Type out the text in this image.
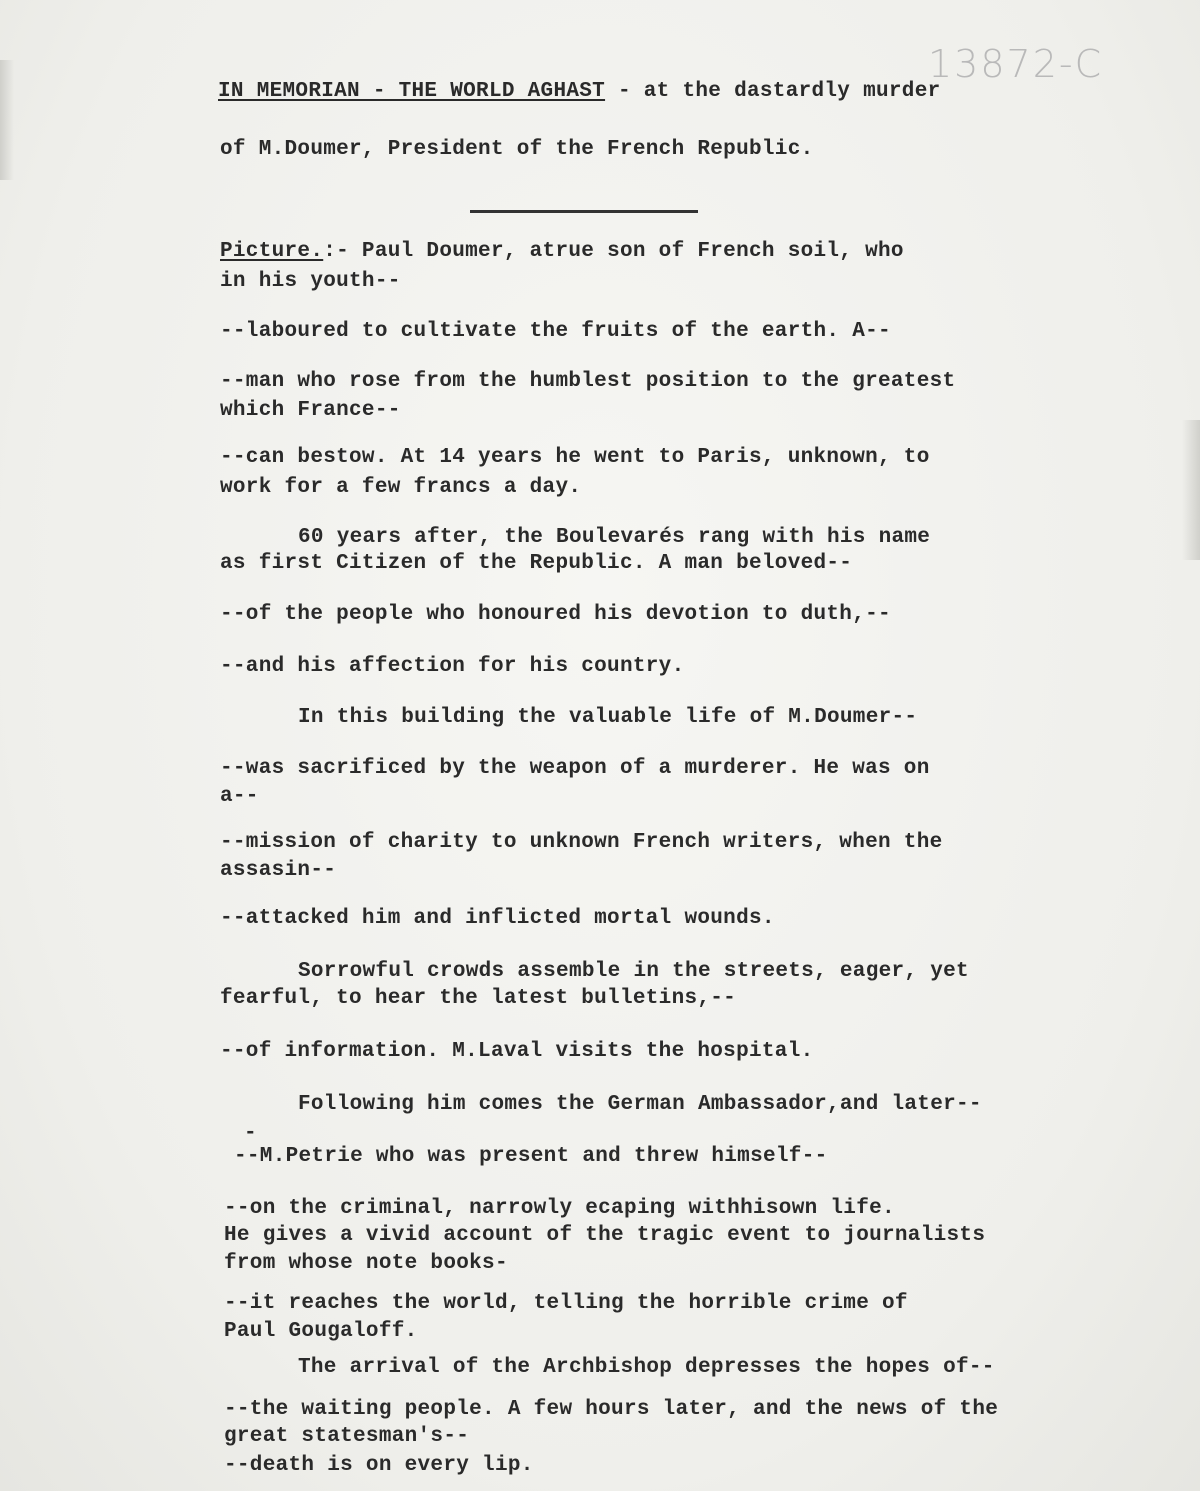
13872-C

IN MEMORIAN - THE WORLD AGHAST - at the dastardly murder

of M.Doumer, President of the French Republic.

Picture.:- Paul Doumer, atrue son of French soil, who

in his youth--

--laboured to cultivate the fruits of the earth. A--

--man who rose from the humblest position to the greatest

which France--

--can bestow. At 14 years he went to Paris, unknown, to

work for a few francs a day.

60 years after, the Boulevarés rang with his name

as first Citizen of the Republic. A man beloved--

--of the people who honoured his devotion to duth,--

--and his affection for his country.

In this building the valuable life of M.Doumer--

--was sacrificed by the weapon of a murderer. He was on

a--

--mission of charity to unknown French writers, when the

assasin--

--attacked him and inflicted mortal wounds.

Sorrowful crowds assemble in the streets, eager, yet

fearful, to hear the latest bulletins,--

--of information. M.Laval visits the hospital.

Following him comes the German Ambassador,and later--

-

--M.Petrie who was present and threw himself--

--on the criminal, narrowly ecaping withhisown life.

He gives a vivid account of the tragic event to journalists

from whose note books-

--it reaches the world, telling the horrible crime of

Paul Gougaloff.

The arrival of the Archbishop depresses the hopes of--

--the waiting people. A few hours later, and the news of the

great statesman's--

--death is on every lip.
